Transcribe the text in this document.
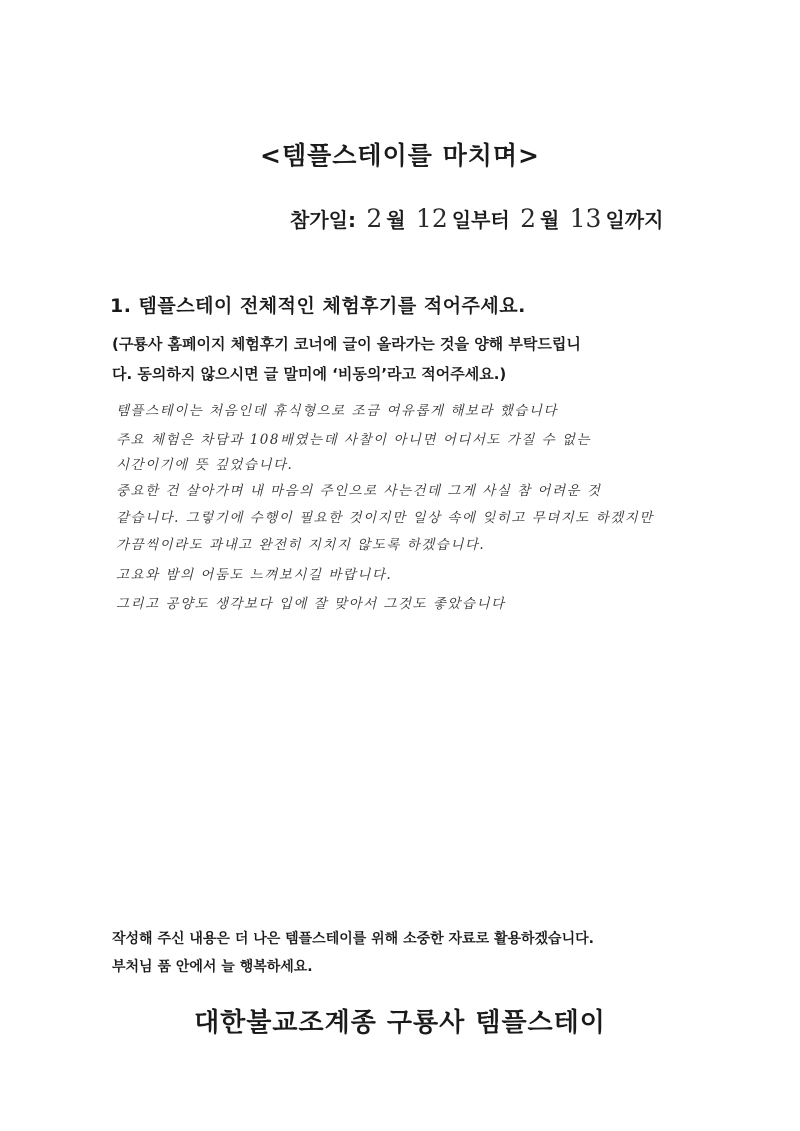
<템플스테이를 마치며>
참가일: 2 월 12 일부터 2 월 13 일까지
1. 템플스테이 전체적인 체험후기를 적어주세요.
(구룡사 홈페이지 체험후기 코너에 글이 올라가는 것을 양해 부탁드립니
다. 동의하지 않으시면 글 말미에 ‘비동의’라고 적어주세요.)
템플스테이는 처음인데 휴식형으로 조금 여유롭게 해보라 했습니다
주요 체험은 차담과 108배였는데 사찰이 아니면 어디서도 가질 수 없는
시간이기에 뜻 깊었습니다.
중요한 건 살아가며 내 마음의 주인으로 사는건데 그게 사실 참 어려운 것
같습니다. 그렇기에 수행이 필요한 것이지만 일상 속에 잊히고 무뎌지도 하겠지만
가끔씩이라도 과내고 완전히 지치지 않도록 하겠습니다.
고요와 밤의 어둠도 느껴보시길 바랍니다.
그리고 공양도 생각보다 입에 잘 맞아서 그것도 좋았습니다
작성해 주신 내용은 더 나은 템플스테이를 위해 소중한 자료로 활용하겠습니다.
부처님 품 안에서 늘 행복하세요.
대한불교조계종 구룡사 템플스테이
